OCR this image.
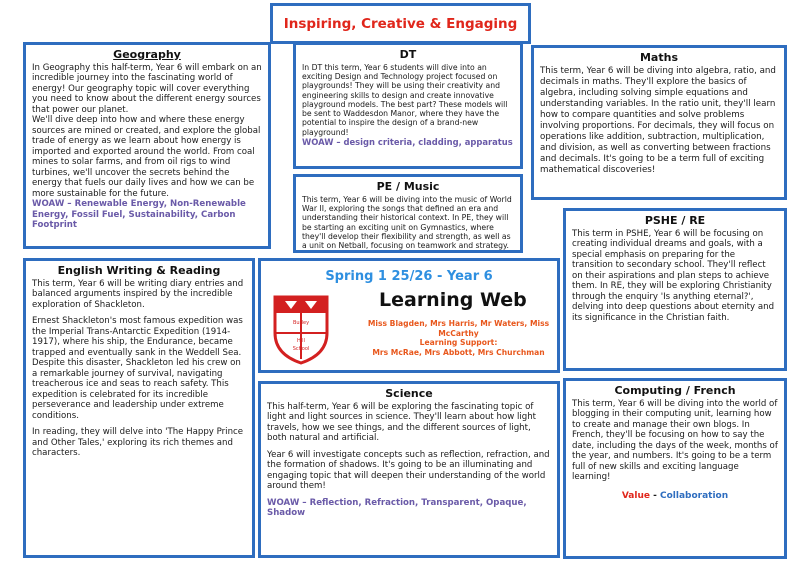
Inspiring, Creative & Engaging
Geography

In Geography this half-term, Year 6 will embark on an incredible journey into the fascinating world of energy! Our geography topic will cover everything you need to know about the different energy sources that power our planet.

We'll dive deep into how and where these energy sources are mined or created, and explore the global trade of energy as we learn about how energy is imported and exported around the world. From coal mines to solar farms, and from oil rigs to wind turbines, we'll uncover the secrets behind the energy that fuels our daily lives and how we can be more sustainable for the future.

WOAW – Renewable Energy, Non-Renewable Energy, Fossil Fuel, Sustainability, Carbon Footprint

DT

In DT this term, Year 6 students will dive into an exciting Design and Technology project focused on playgrounds! They will be using their creativity and engineering skills to design and create innovative playground models. The best part? These models will be sent to Waddesdon Manor, where they have the potential to inspire the design of a brand-new playground!

WOAW – design criteria, cladding, apparatus

PE / Music

This term, Year 6 will be diving into the music of World War II, exploring the songs that defined an era and understanding their historical context. In PE, they will be starting an exciting unit on Gymnastics, where they'll develop their flexibility and strength, as well as a unit on Netball, focusing on teamwork and strategy.

Maths

This term, Year 6 will be diving into algebra, ratio, and decimals in maths. They'll explore the basics of algebra, including solving simple equations and understanding variables. In the ratio unit, they'll learn how to compare quantities and solve problems involving proportions. For decimals, they will focus on operations like addition, subtraction, multiplication, and division, as well as converting between fractions and decimals. It's going to be a term full of exciting mathematical discoveries!

English Writing & Reading

This term, Year 6 will be writing diary entries and balanced arguments inspired by the incredible exploration of Shackleton.

Ernest Shackleton's most famous expedition was the Imperial Trans-Antarctic Expedition (1914-1917), where his ship, the Endurance, became trapped and eventually sank in the Weddell Sea. Despite this disaster, Shackleton led his crew on a remarkable journey of survival, navigating treacherous ice and seas to reach safety. This expedition is celebrated for its incredible perseverance and leadership under extreme conditions.

In reading, they will delve into 'The Happy Prince and Other Tales,' exploring its rich themes and characters.

Spring 1 25/26 - Year 6
Burley
Hill
School
Learning Web
Miss Blagden, Mrs Harris, Mr Waters, Miss McCarthy
Learning Support:
Mrs McRae, Mrs Abbott, Mrs Churchman
PSHE / RE

This term in PSHE, Year 6 will be focusing on creating individual dreams and goals, with a special emphasis on preparing for the transition to secondary school. They'll reflect on their aspirations and plan steps to achieve them. In RE, they will be exploring Christianity through the enquiry 'Is anything eternal?', delving into deep questions about eternity and its significance in the Christian faith.

Science

This half-term, Year 6 will be exploring the fascinating topic of light and light sources in science. They'll learn about how light travels, how we see things, and the different sources of light, both natural and artificial.

Year 6 will investigate concepts such as reflection, refraction, and the formation of shadows. It's going to be an illuminating and engaging topic that will deepen their understanding of the world around them!

WOAW – Reflection, Refraction, Transparent, Opaque, Shadow

Computing / French

This term, Year 6 will be diving into the world of blogging in their computing unit, learning how to create and manage their own blogs. In French, they'll be focusing on how to say the date, including the days of the week, months of the year, and numbers. It's going to be a term full of new skills and exciting language learning!

Value - Collaboration
